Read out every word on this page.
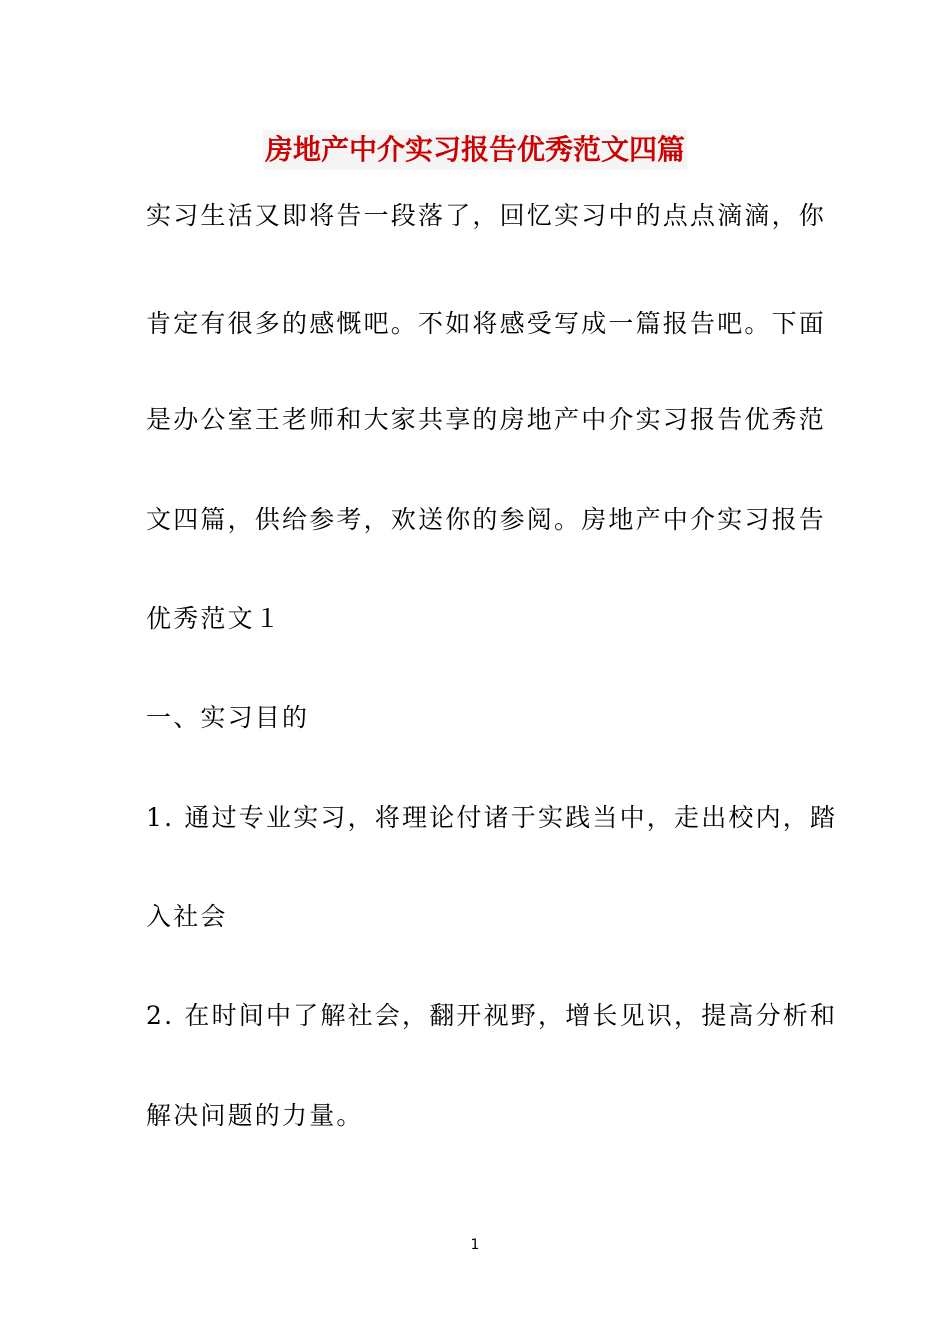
房地产中介实习报告优秀范文四篇
实习生活又即将告一段落了，回忆实习中的点点滴滴，你
肯定有很多的感慨吧。不如将感受写成一篇报告吧。下面
是办公室王老师和大家共享的房地产中介实习报告优秀范
文四篇，供给参考，欢送你的参阅。房地产中介实习报告
优秀范文１
一、实习目的
1. 通过专业实习，将理论付诸于实践当中，走出校内，踏
入社会
2. 在时间中了解社会，翻开视野，增长见识，提高分析和
解决问题的力量。
1
